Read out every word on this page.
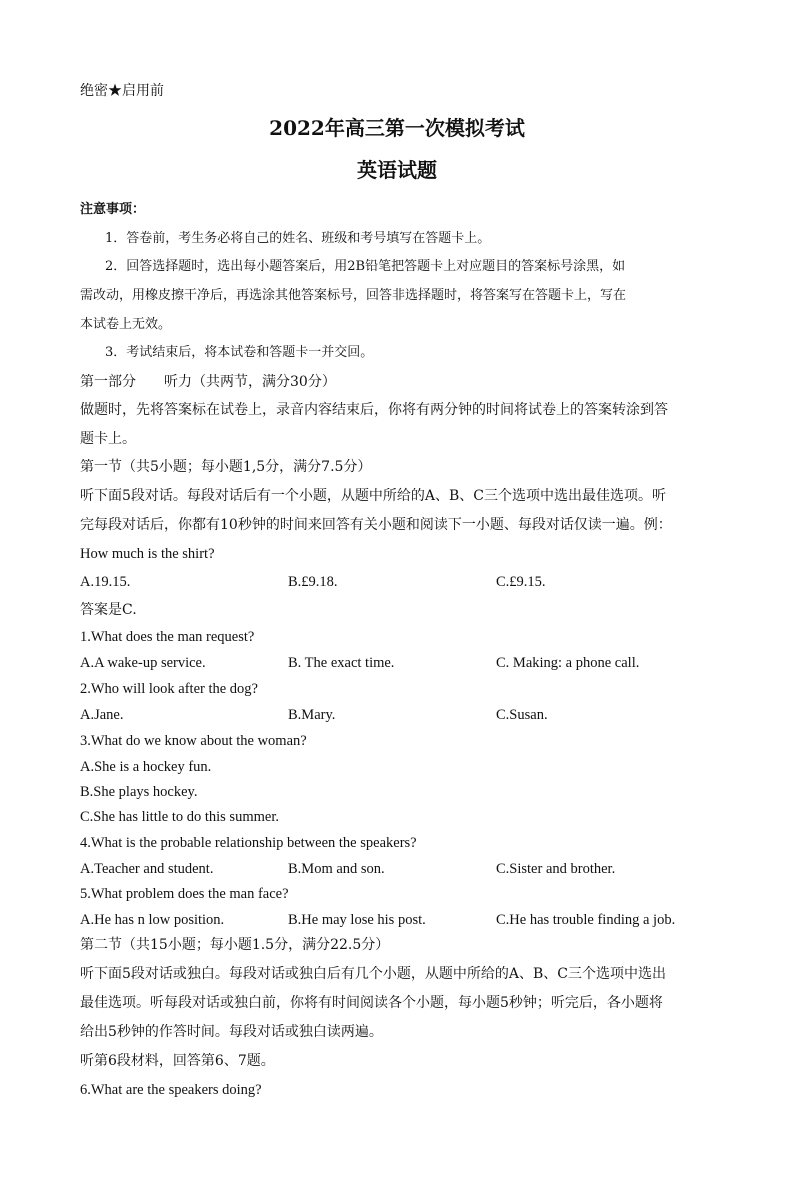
绝密★启用前
2022年高三第一次模拟考试
英语试题
注意事项：
1．答卷前，考生务必将自己的姓名、班级和考号填写在答题卡上。
2．回答选择题时，选出每小题答案后，用2B铅笔把答题卡上对应题目的答案标号涂黑，如
需改动，用橡皮擦干净后，再选涂其他答案标号，回答非选择题时，将答案写在答题卡上，写在
本试卷上无效。
3．考试结束后，将本试卷和答题卡一并交回。
第一部分　　听力（共两节，满分30分）
做题时，先将答案标在试卷上，录音内容结束后，你将有两分钟的时间将试卷上的答案转涂到答
题卡上。
第一节（共5小题；每小题1,5分，满分7.5分）
听下面5段对话。每段对话后有一个小题，从题中所给的A、B、C三个选项中选出最佳选项。听
完每段对话后，你都有10秒钟的时间来回答有关小题和阅读下一小题、每段对话仅读一遍。例：
How much is the shirt?
A.19.15.	B.£9.18.	C.£9.15.
答案是C.
1.What does the man request?
A.A wake-up service.	B. The exact time.	C. Making: a phone call.
2.Who will look after the dog?
A.Jane.	B.Mary.	C.Susan.
3.What do we know about the woman?
A.She is a hockey fun.
B.She plays hockey.
C.She has little to do this summer.
4.What is the probable relationship between the speakers?
A.Teacher and student.	B.Mom and son.	C.Sister and brother.
5.What problem does the man face?
A.He has n low position.	B.He may lose his post.	C.He has trouble finding a job.
第二节（共15小题；每小题1.5分，满分22.5分）
听下面5段对话或独白。每段对话或独白后有几个小题，从题中所给的A、B、C三个选项中选出
最佳选项。听每段对话或独白前，你将有时间阅读各个小题，每小题5秒钟；听完后，各小题将
给出5秒钟的作答时间。每段对话或独白读两遍。
听第6段材料，回答第6、7题。
6.What are the speakers doing?
